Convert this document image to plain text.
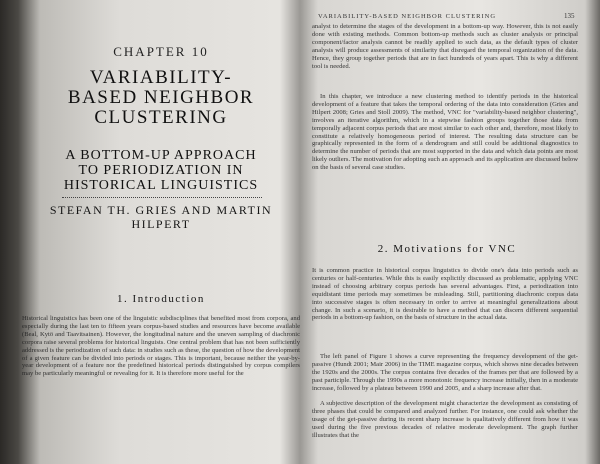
CHAPTER 10
VARIABILITY-
BASED NEIGHBOR
CLUSTERING
A BOTTOM-UP APPROACH
TO PERIODIZATION IN
HISTORICAL LINGUISTICS
STEFAN TH. GRIES AND MARTIN
HILPERT
1. Introduction

Historical linguistics has been one of the linguistic subdisciplines that benefited most from corpora, and especially during the last ten to fifteen years corpus-based studies and resources have become available (Beal, Kytö and Taavitsainen). However, the longitudinal nature and the uneven sampling of diachronic corpora raise several problems for historical linguists. One central problem that has not been sufficiently addressed is the periodization of such data: in studies such as these, the question of how the development of a given feature can be divided into periods or stages. This is important, because neither the year-by-year development of a feature nor the predefined historical periods distinguished by corpus compilers may be particularly meaningful or revealing for it. It is therefore more useful for the

VARIABILITY-BASED NEIGHBOR CLUSTERING	135

analyst to determine the stages of the development in a bottom-up way. However, this is not easily done with existing methods. Common bottom-up methods such as cluster analysis or principal component/factor analysis cannot be readily applied to such data, as the default types of cluster analysis will produce assessments of similarity that disregard the temporal organization of the data. Hence, they group together periods that are in fact hundreds of years apart. This is why a different tool is needed.

In this chapter, we introduce a new clustering method to identify periods in the historical development of a feature that takes the temporal ordering of the data into consideration (Gries and Hilpert 2008; Gries and Stoll 2009). The method, VNC for "variability-based neighbor clustering", involves an iterative algorithm, which in a stepwise fashion groups together those data from temporally adjacent corpus periods that are most similar to each other and, therefore, most likely to constitute a relatively homogeneous period of interest. The resulting data structure can be graphically represented in the form of a dendrogram and still could be additional diagnostics to determine the number of periods that are most supported in the data and which data points are most likely outliers. The motivation for adopting such an approach and its application are discussed below on the basis of several case studies.

2. Motivations for VNC

It is common practice in historical corpus linguistics to divide one's data into periods such as centuries or half-centuries. While this is easily explicitly discussed as problematic, applying VNC instead of choosing arbitrary corpus periods has several advantages. First, a periodization into equidistant time periods may sometimes be misleading. Still, partitioning diachronic corpus data into successive stages is often necessary in order to arrive at meaningful generalizations about change. In such a scenario, it is desirable to have a method that can discern different sequential periods in a bottom-up fashion, on the basis of structure in the actual data.

The left panel of Figure 1 shows a curve representing the frequency development of the get-passive (Hundt 2001; Mair 2006) in the TIME magazine corpus, which shows nine decades between the 1920s and the 2000s. The corpus contains five decades of the frames per that are followed by a past participle. Through the 1990s a more monotonic frequency increase initially, then in a moderate increase, followed by a plateau between 1990 and 2005, and a sharp increase after that.

A subjective description of the development might characterize the development as consisting of three phases that could be compared and analyzed further. For instance, one could ask whether the usage of the get-passive during its recent sharp increase is qualitatively different from how it was used during the five previous decades of relative moderate development. The graph further illustrates that the
